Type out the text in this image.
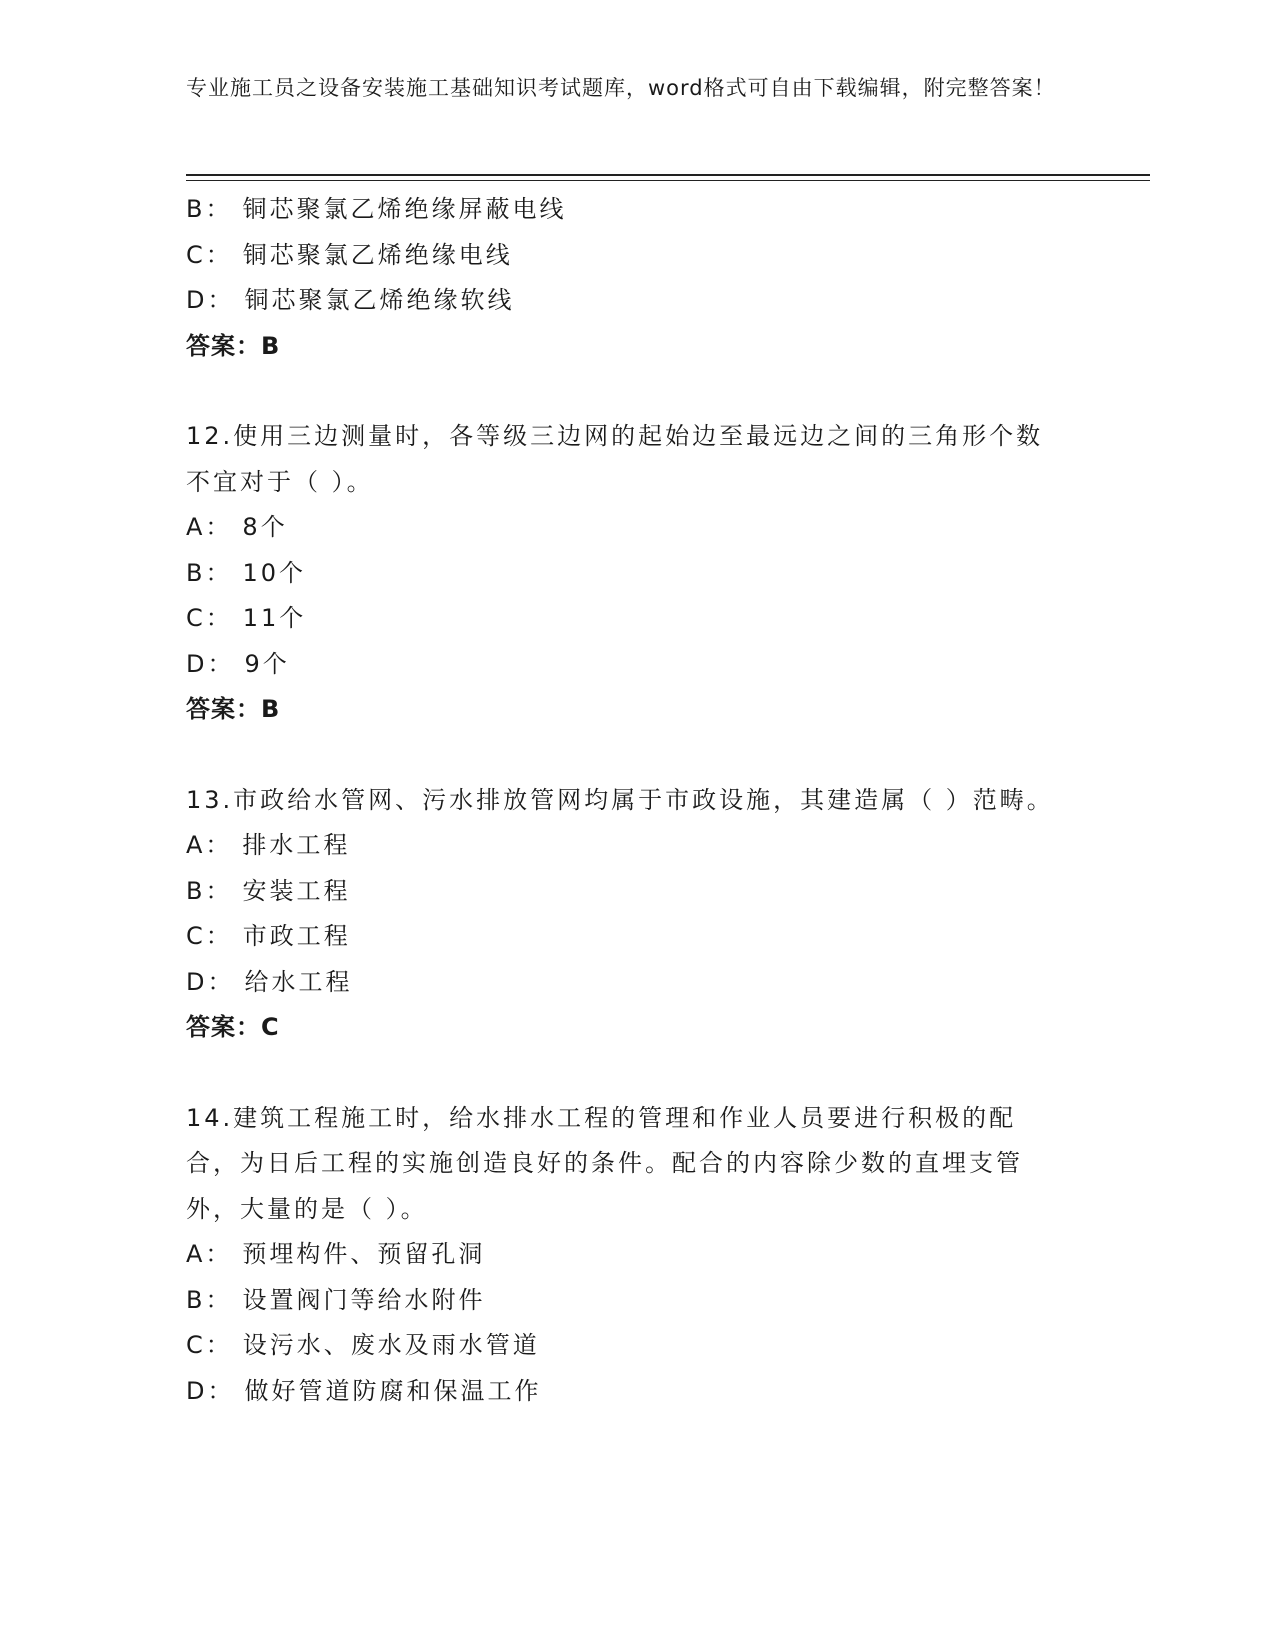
专业施工员之设备安装施工基础知识考试题库，word格式可自由下载编辑，附完整答案！
B： 铜芯聚氯乙烯绝缘屏蔽电线
C： 铜芯聚氯乙烯绝缘电线
D： 铜芯聚氯乙烯绝缘软线
答案：B
12.使用三边测量时，各等级三边网的起始边至最远边之间的三角形个数不宜对于（ ）。
A： 8个
B： 10个
C： 11个
D： 9个
答案：B
13.市政给水管网、污水排放管网均属于市政设施，其建造属（ ）范畴。
A： 排水工程
B： 安装工程
C： 市政工程
D： 给水工程
答案：C
14.建筑工程施工时，给水排水工程的管理和作业人员要进行积极的配合，为日后工程的实施创造良好的条件。配合的内容除少数的直埋支管外，大量的是（ ）。
A： 预埋构件、预留孔洞
B： 设置阀门等给水附件
C： 设污水、废水及雨水管道
D： 做好管道防腐和保温工作
